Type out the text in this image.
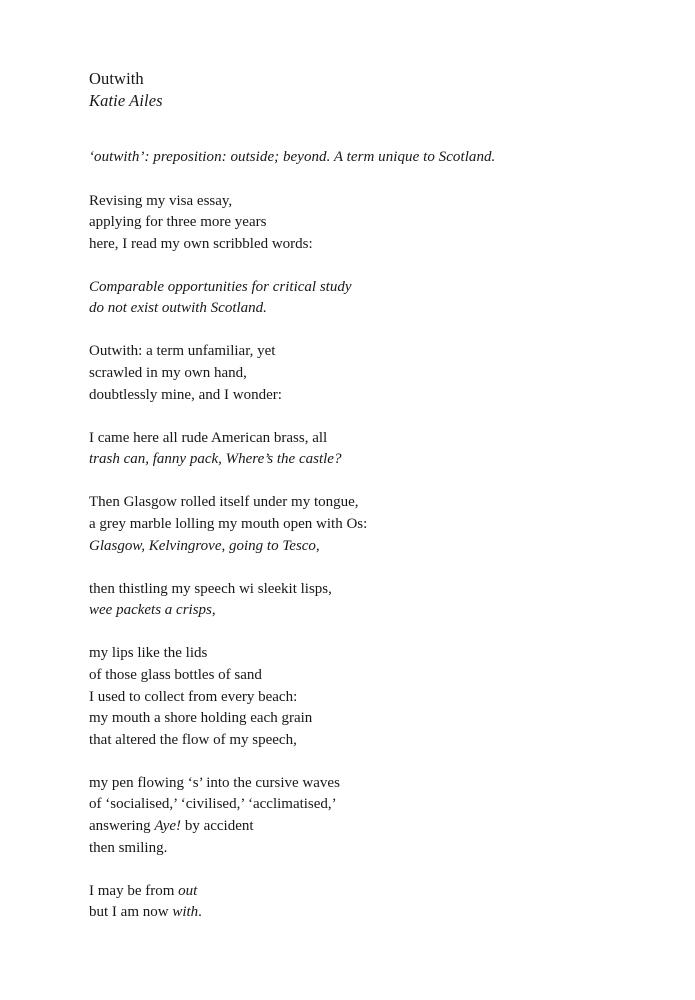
Outwith
Katie Ailes
‘outwith’: preposition: outside; beyond. A term unique to Scotland.
Revising my visa essay,
applying for three more years
here, I read my own scribbled words:
Comparable opportunities for critical study
do not exist outwith Scotland.
Outwith: a term unfamiliar, yet
scrawled in my own hand,
doubtlessly mine, and I wonder:
I came here all rude American brass, all
trash can, fanny pack, Where’s the castle?
Then Glasgow rolled itself under my tongue,
a grey marble lolling my mouth open with Os:
Glasgow, Kelvingrove, going to Tesco,
then thistling my speech wi sleekit lisps,
wee packets a crisps,
my lips like the lids
of those glass bottles of sand
I used to collect from every beach:
my mouth a shore holding each grain
that altered the flow of my speech,
my pen flowing ‘s’ into the cursive waves
of ‘socialised,’ ‘civilised,’ ‘acclimatised,’
answering Aye! by accident
then smiling.
I may be from out
but I am now with.
